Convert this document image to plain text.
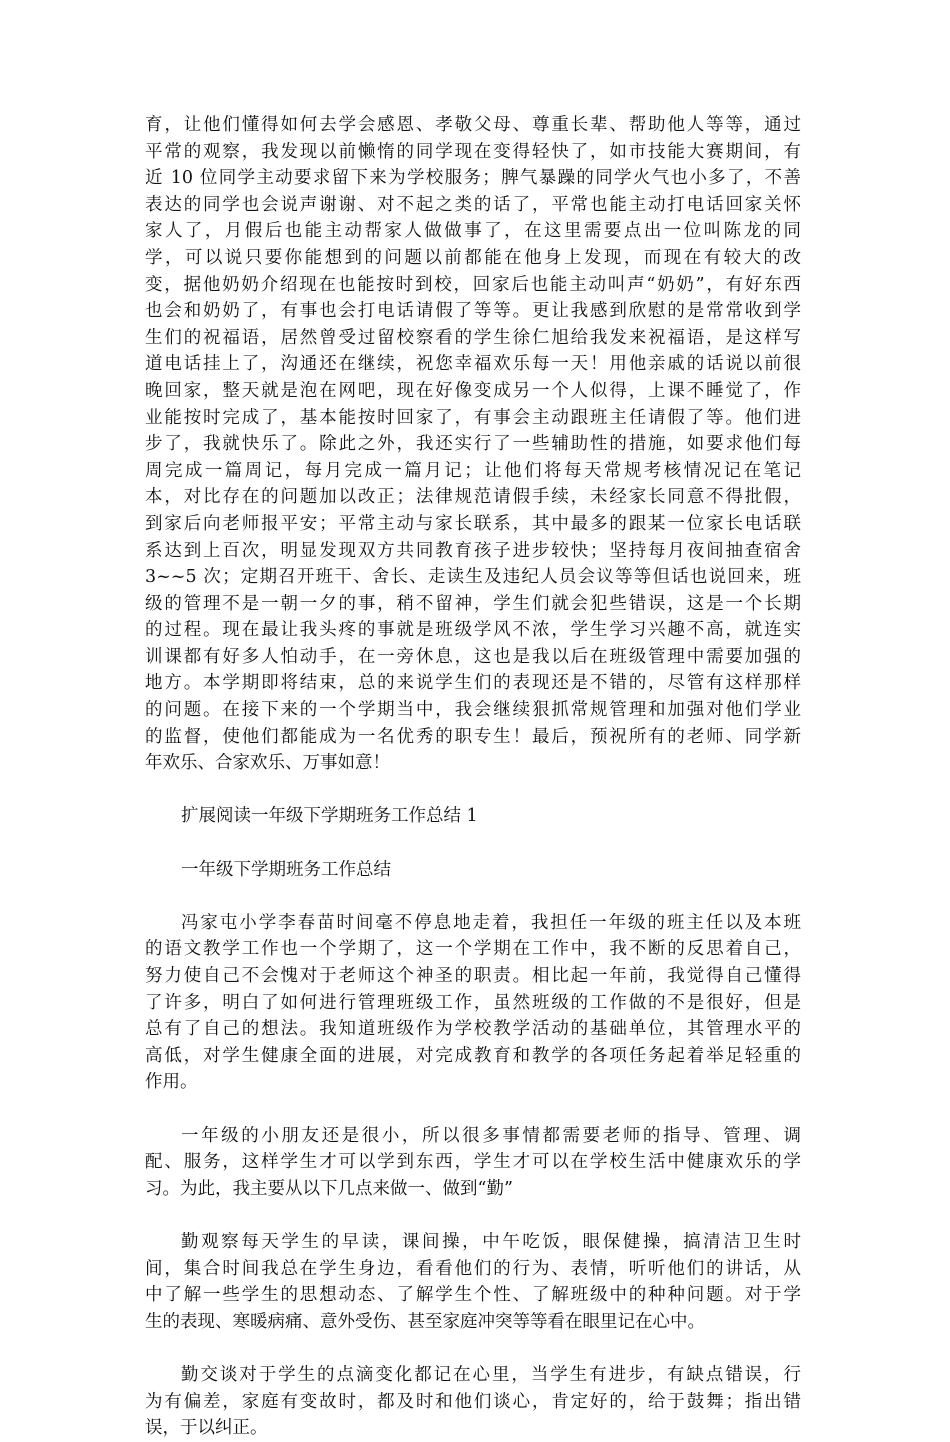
育，让他们懂得如何去学会感恩、孝敬父母、尊重长辈、帮助他人等等，通过
平常的观察，我发现以前懒惰的同学现在变得轻快了，如市技能大赛期间，有
近 10 位同学主动要求留下来为学校服务；脾气暴躁的同学火气也小多了，不善
表达的同学也会说声谢谢、对不起之类的话了，平常也能主动打电话回家关怀
家人了，月假后也能主动帮家人做做事了，在这里需要点出一位叫陈龙的同
学，可以说只要你能想到的问题以前都能在他身上发现，而现在有较大的改
变，据他奶奶介绍现在也能按时到校，回家后也能主动叫声“奶奶”，有好东西
也会和奶奶了，有事也会打电话请假了等等。更让我感到欣慰的是常常收到学
生们的祝福语，居然曾受过留校察看的学生徐仁旭给我发来祝福语，是这样写
道电话挂上了，沟通还在继续，祝您幸福欢乐每一天！用他亲戚的话说以前很
晚回家，整天就是泡在网吧，现在好像变成另一个人似得，上课不睡觉了，作
业能按时完成了，基本能按时回家了，有事会主动跟班主任请假了等。他们进
步了，我就快乐了。除此之外，我还实行了一些辅助性的措施，如要求他们每
周完成一篇周记，每月完成一篇月记；让他们将每天常规考核情况记在笔记
本，对比存在的问题加以改正；法律规范请假手续，未经家长同意不得批假，
到家后向老师报平安；平常主动与家长联系，其中最多的跟某一位家长电话联
系达到上百次，明显发现双方共同教育孩子进步较快；坚持每月夜间抽查宿舍
3~~5 次；定期召开班干、舍长、走读生及违纪人员会议等等但话也说回来，班
级的管理不是一朝一夕的事，稍不留神，学生们就会犯些错误，这是一个长期
的过程。现在最让我头疼的事就是班级学风不浓，学生学习兴趣不高，就连实
训课都有好多人怕动手，在一旁休息，这也是我以后在班级管理中需要加强的
地方。本学期即将结束，总的来说学生们的表现还是不错的，尽管有这样那样
的问题。在接下来的一个学期当中，我会继续狠抓常规管理和加强对他们学业
的监督，使他们都能成为一名优秀的职专生！最后，预祝所有的老师、同学新
年欢乐、合家欢乐、万事如意！
扩展阅读一年级下学期班务工作总结 1
一年级下学期班务工作总结
冯家屯小学李春苗时间毫不停息地走着，我担任一年级的班主任以及本班
的语文教学工作也一个学期了，这一个学期在工作中，我不断的反思着自己，
努力使自己不会愧对于老师这个神圣的职责。相比起一年前，我觉得自己懂得
了许多，明白了如何进行管理班级工作，虽然班级的工作做的不是很好，但是
总有了自己的想法。我知道班级作为学校教学活动的基础单位，其管理水平的
高低，对学生健康全面的进展，对完成教育和教学的各项任务起着举足轻重的
作用。
一年级的小朋友还是很小，所以很多事情都需要老师的指导、管理、调
配、服务，这样学生才可以学到东西，学生才可以在学校生活中健康欢乐的学
习。为此，我主要从以下几点来做一、做到“勤”
勤观察每天学生的早读，课间操，中午吃饭，眼保健操，搞清洁卫生时
间，集合时间我总在学生身边，看看他们的行为、表情，听听他们的讲话，从
中了解一些学生的思想动态、了解学生个性、了解班级中的种种问题。对于学
生的表现、寒暖病痛、意外受伤、甚至家庭冲突等等看在眼里记在心中。
勤交谈对于学生的点滴变化都记在心里，当学生有进步，有缺点错误，行
为有偏差，家庭有变故时，都及时和他们谈心，肯定好的，给于鼓舞；指出错
误，于以纠正。
